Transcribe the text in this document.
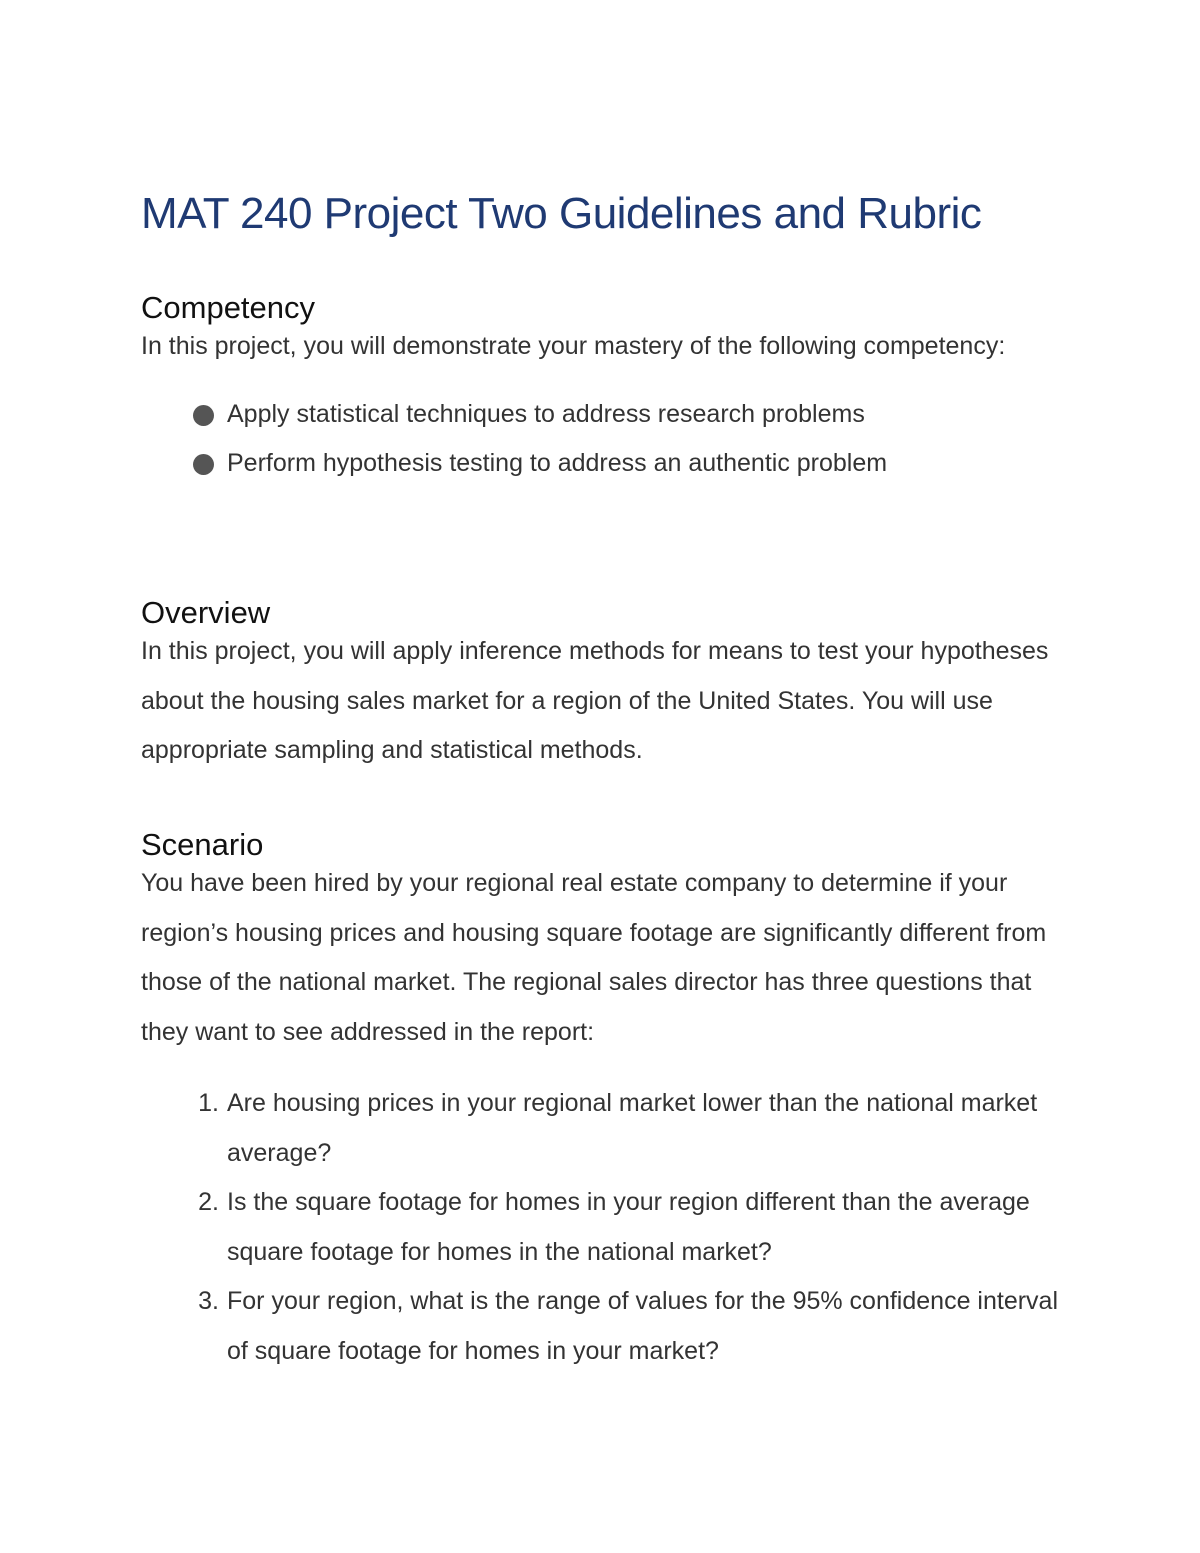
MAT 240 Project Two Guidelines and Rubric
Competency

In this project, you will demonstrate your mastery of the following competency:

Apply statistical techniques to address research problems
Perform hypothesis testing to address an authentic problem
Overview

In this project, you will apply inference methods for means to test your hypotheses about the housing sales market for a region of the United States. You will use appropriate sampling and statistical methods.

Scenario

You have been hired by your regional real estate company to determine if your region’s housing prices and housing square footage are significantly different from those of the national market. The regional sales director has three questions that they want to see addressed in the report:

1. Are housing prices in your regional market lower than the national market average?
2. Is the square footage for homes in your region different than the average square footage for homes in the national market?
3. For your region, what is the range of values for the 95% confidence interval of square footage for homes in your market?
